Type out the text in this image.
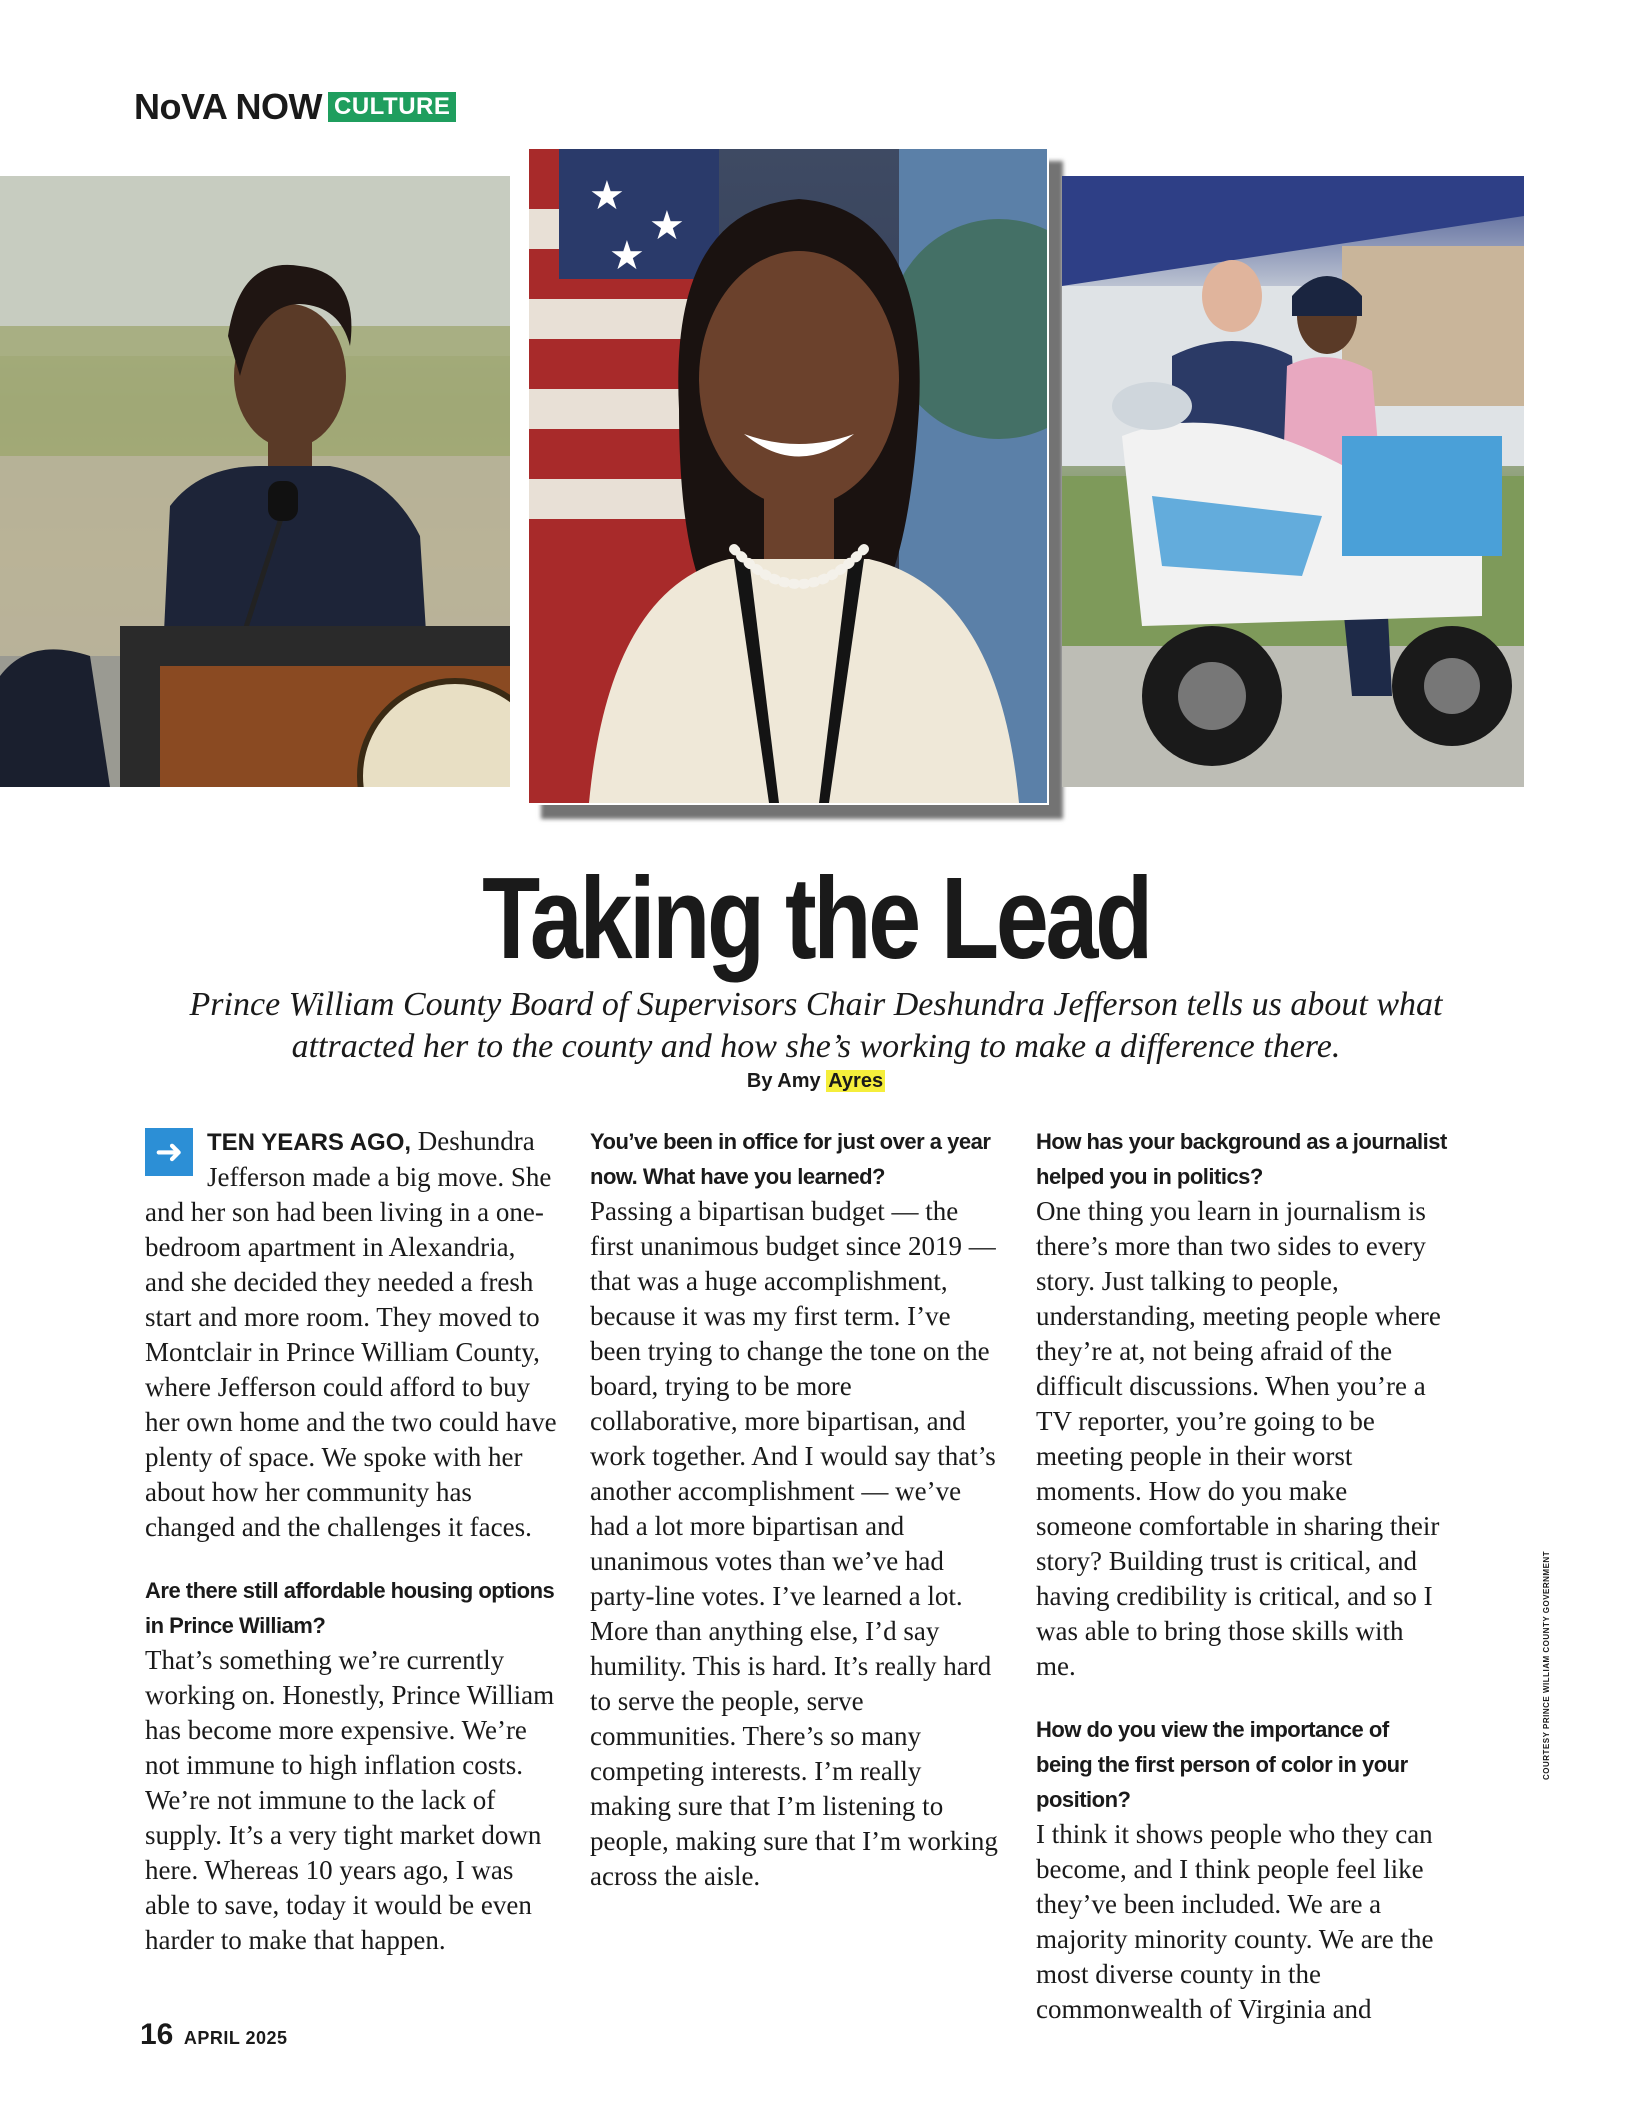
NoVA NOW CULTURE
★
★
★
Taking the Lead
Prince William County Board of Supervisors Chair Deshundra Jefferson tells us about what attracted her to the county and how she’s working to make a difference there.
By Amy Ayres

➜ TEN YEARS AGO, Deshundra Jefferson made a big move. She and her son had been living in a one-bedroom apartment in Alexandria, and she decided they needed a fresh start and more room. They moved to Montclair in Prince William County, where Jefferson could afford to buy her own home and the two could have plenty of space. We spoke with her about how her community has changed and the challenges it faces.

Are there still affordable housing options in Prince William?

That’s something we’re currently working on. Honestly, Prince William has become more expensive. We’re not immune to high inflation costs. We’re not immune to the lack of supply. It’s a very tight market down here. Whereas 10 years ago, I was able to save, today it would be even harder to make that happen.

You’ve been in office for just over a year now. What have you learned?

Passing a bipartisan budget — the first unanimous budget since 2019 — that was a huge accomplishment, because it was my first term. I’ve been trying to change the tone on the board, trying to be more collaborative, more bipartisan, and work together. And I would say that’s another accomplishment — we’ve had a lot more bipartisan and unanimous votes than we’ve had party-line votes. I’ve learned a lot. More than anything else, I’d say humility. This is hard. It’s really hard to serve the people, serve communities. There’s so many competing interests. I’m really making sure that I’m listening to people, making sure that I’m working across the aisle.

How has your background as a journalist helped you in politics?

One thing you learn in journalism is there’s more than two sides to every story. Just talking to people, understanding, meeting people where they’re at, not being afraid of the difficult discussions. When you’re a TV reporter, you’re going to be meeting people in their worst moments. How do you make someone comfortable in sharing their story? Building trust is critical, and having credibility is critical, and so I was able to bring those skills with me.

How do you view the importance of being the first person of color in your position?

I think it shows people who they can become, and I think people feel like they’ve been included. We are a majority minority county. We are the most diverse county in the commonwealth of Virginia and

COURTESY PRINCE WILLIAM COUNTY GOVERNMENT
16 APRIL 2025
